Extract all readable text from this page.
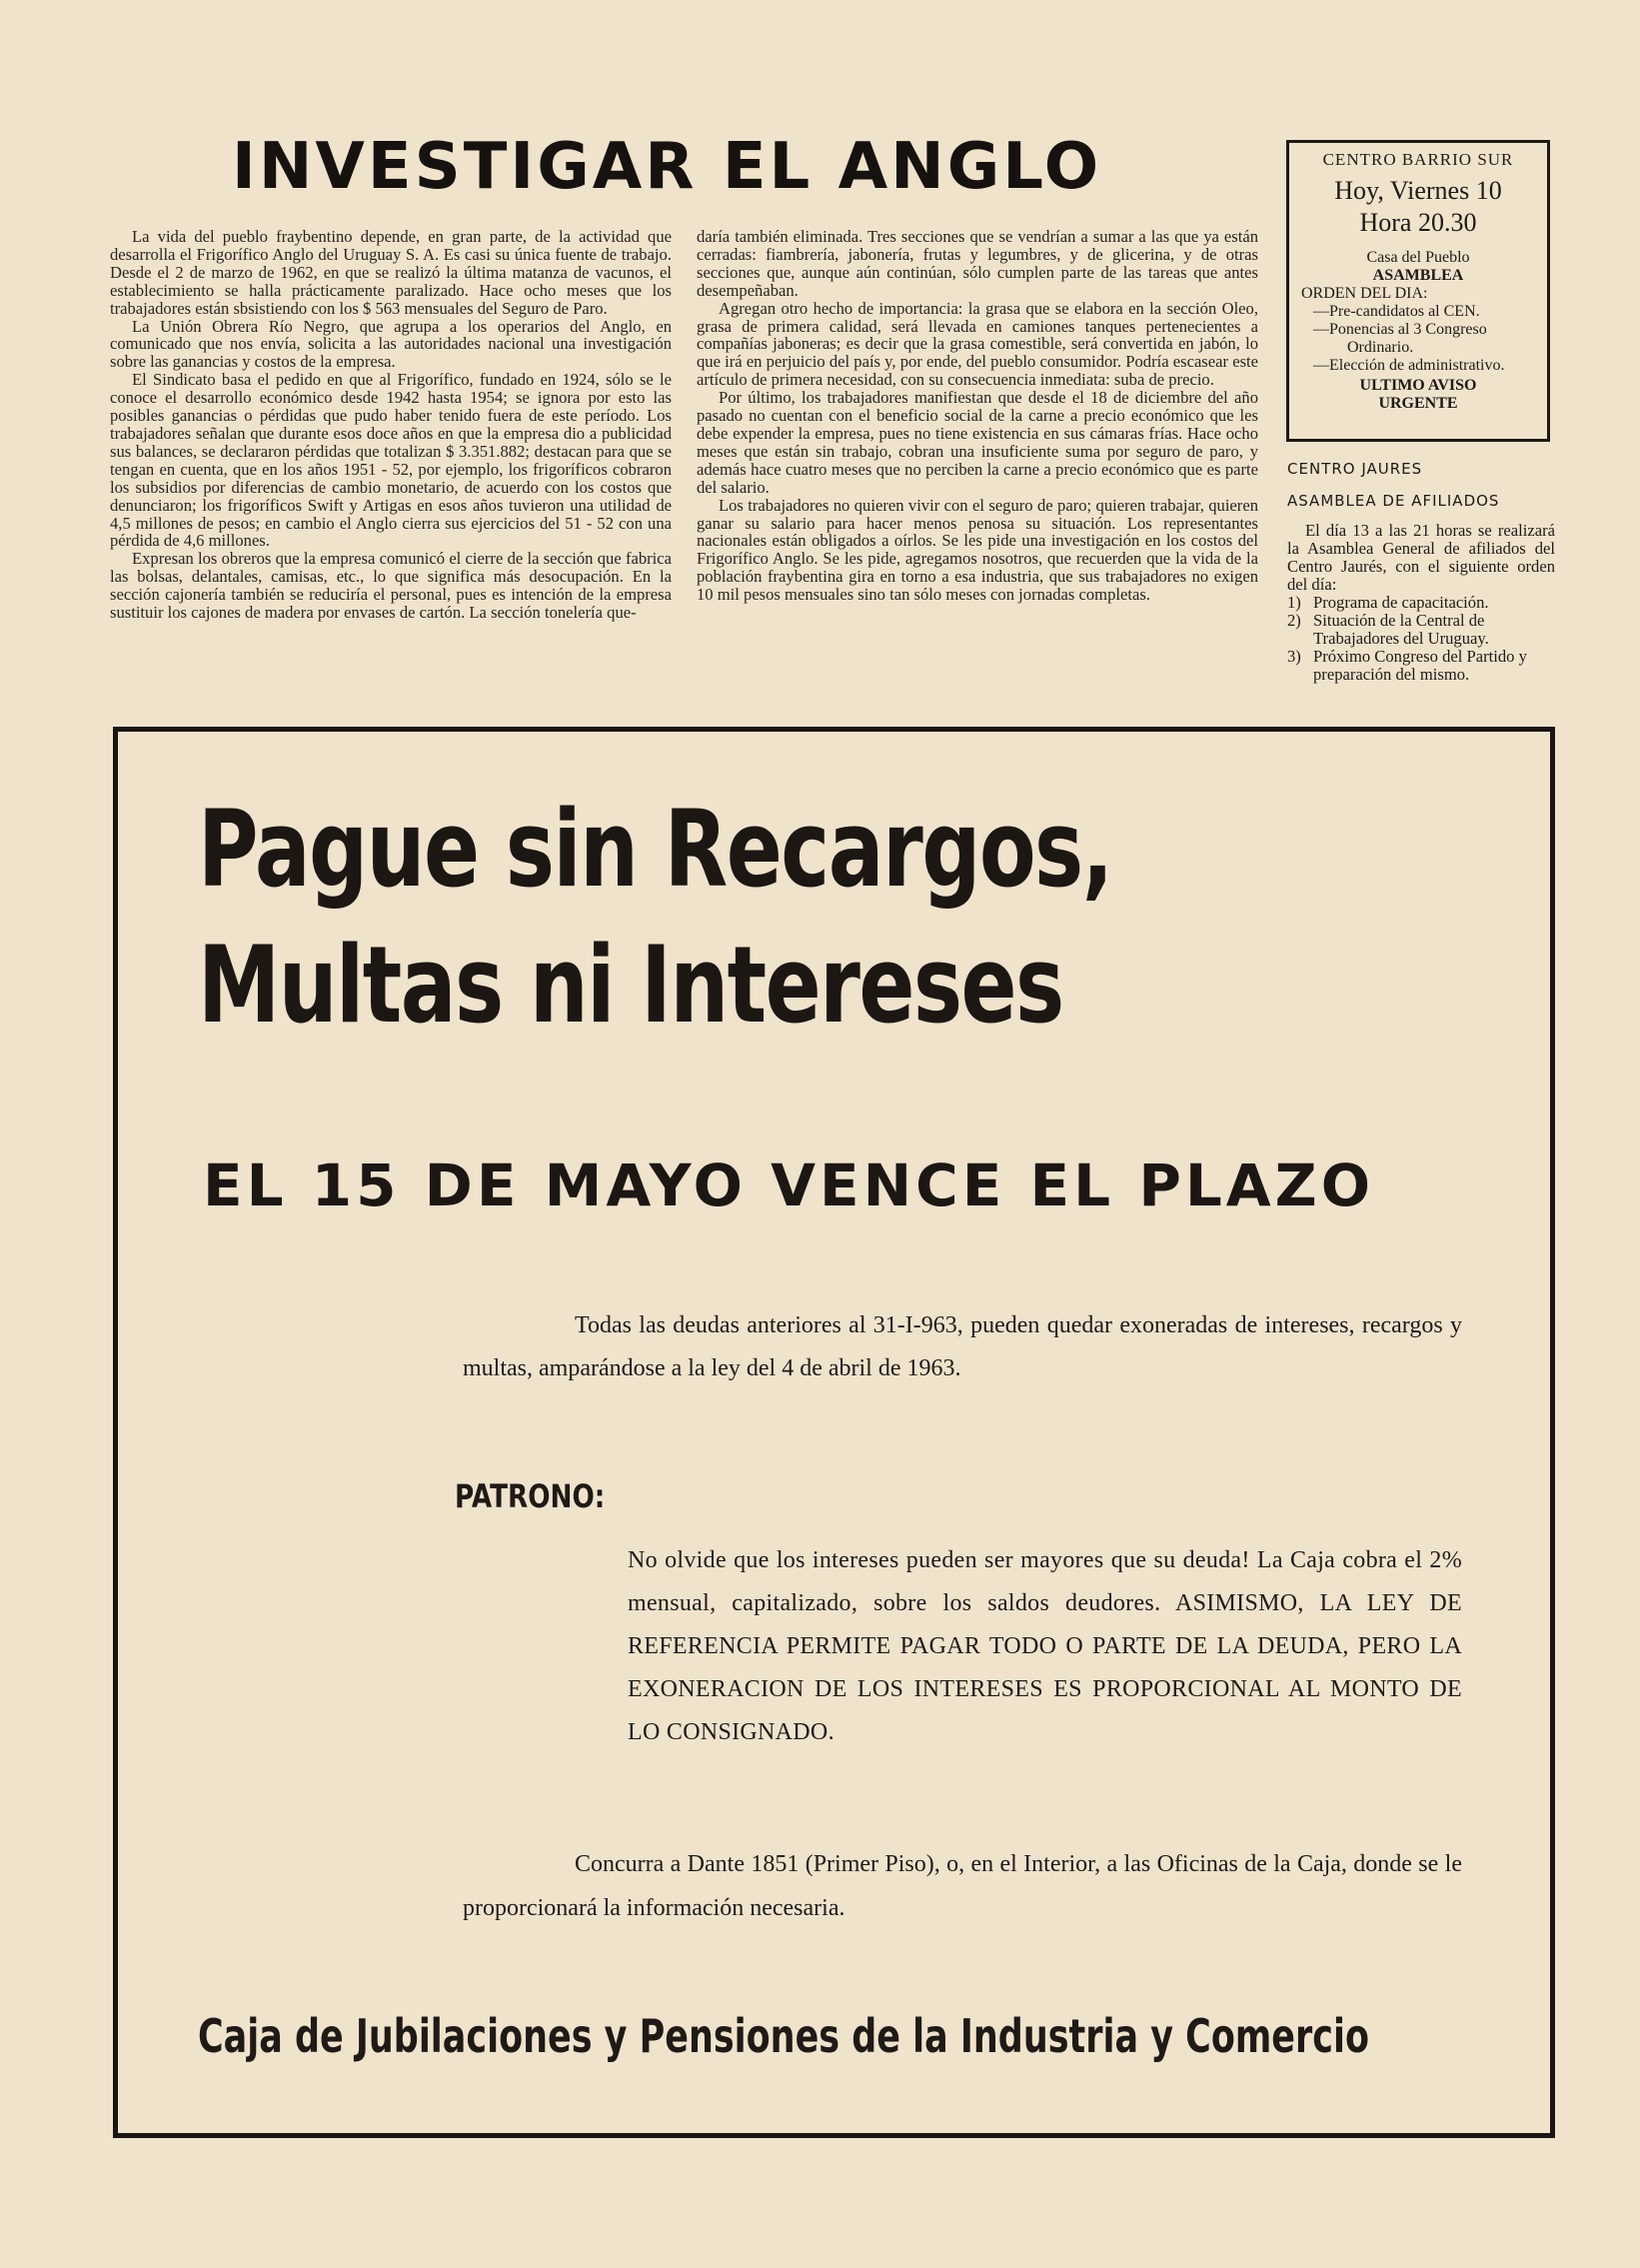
INVESTIGAR EL ANGLO

La vida del pueblo fraybentino depende, en gran parte, de la actividad que desarrolla el Frigorífico Anglo del Uruguay S. A. Es casi su única fuente de trabajo. Desde el 2 de marzo de 1962, en que se realizó la última matanza de vacunos, el establecimiento se halla prácticamente paralizado. Hace ocho meses que los trabajadores están sbsistiendo con los $ 563 mensuales del Seguro de Paro.

La Unión Obrera Río Negro, que agrupa a los operarios del Anglo, en comunicado que nos envía, solicita a las autoridades nacional una investigación sobre las ganancias y costos de la empresa.

El Sindicato basa el pedido en que al Frigorífico, fundado en 1924, sólo se le conoce el desarrollo económico desde 1942 hasta 1954; se ignora por esto las posibles ganancias o pérdidas que pudo haber tenido fuera de este período. Los trabajadores señalan que durante esos doce años en que la empresa dio a publicidad sus balances, se declararon pérdidas que totalizan $ 3.351.882; destacan para que se tengan en cuenta, que en los años 1951 - 52, por ejemplo, los frigoríficos cobraron los subsidios por diferencias de cambio monetario, de acuerdo con los costos que denunciaron; los frigoríficos Swift y Artigas en esos años tuvieron una utilidad de 4,5 millones de pesos; en cambio el Anglo cierra sus ejercicios del 51 - 52 con una pérdida de 4,6 millones.

Expresan los obreros que la empresa comunicó el cierre de la sección que fabrica las bolsas, delantales, camisas, etc., lo que significa más desocupación. En la sección cajonería también se reduciría el personal, pues es intención de la empresa sustituir los cajones de madera por envases de cartón. La sección tonelería que-

daría también eliminada. Tres secciones que se vendrían a sumar a las que ya están cerradas: fiambrería, jabonería, frutas y legumbres, y de glicerina, y de otras secciones que, aunque aún continúan, sólo cumplen parte de las tareas que antes desempeñaban.

Agregan otro hecho de importancia: la grasa que se elabora en la sección Oleo, grasa de primera calidad, será llevada en camiones tanques pertenecientes a compañías jaboneras; es decir que la grasa comestible, será convertida en jabón, lo que irá en perjuicio del país y, por ende, del pueblo consumidor. Podría escasear este artículo de primera necesidad, con su consecuencia inmediata: suba de precio.

Por último, los trabajadores manifiestan que desde el 18 de diciembre del año pasado no cuentan con el beneficio social de la carne a precio económico que les debe expender la empresa, pues no tiene existencia en sus cámaras frías. Hace ocho meses que están sin trabajo, cobran una insuficiente suma por seguro de paro, y además hace cuatro meses que no perciben la carne a precio económico que es parte del salario.

Los trabajadores no quieren vivir con el seguro de paro; quieren trabajar, quieren ganar su salario para hacer menos penosa su situación. Los representantes nacionales están obligados a oírlos. Se les pide una investigación en los costos del Frigorífico Anglo. Se les pide, agregamos nosotros, que recuerden que la vida de la población fraybentina gira en torno a esa industria, que sus trabajadores no exigen 10 mil pesos mensuales sino tan sólo meses con jornadas completas.

CENTRO BARRIO SUR
Hoy, Viernes 10
Hora 20.30
Casa del Pueblo
ASAMBLEA
ORDEN DEL DIA:
—Pre-candidatos al CEN.
—Ponencias al 3 Congreso
Ordinario.
—Elección de administrativo.
ULTIMO AVISO
URGENTE
CENTRO JAURES
ASAMBLEA DE AFILIADOS

El día 13 a las 21 horas se realizará la Asamblea General de afiliados del Centro Jaurés, con el siguiente orden del día:

1) Programa de capacitación.
2) Situación de la Central de Trabajadores del Uruguay.
3) Próximo Congreso del Partido y preparación del mismo.
Pague sin Recargos,
Multas ni Intereses
EL 15 DE MAYO VENCE EL PLAZO
Todas las deudas anteriores al 31-I-963, pueden quedar exoneradas de intereses, recargos y multas, amparándose a la ley del 4 de abril de 1963.
PATRONO:
No olvide que los intereses pueden ser mayores que su deuda! La Caja cobra el 2% mensual, capitalizado, sobre los saldos deudores. ASIMISMO, LA LEY DE REFERENCIA PERMITE PAGAR TODO O PARTE DE LA DEUDA, PERO LA EXONERACION DE LOS INTERESES ES PROPORCIONAL AL MONTO DE LO CONSIGNADO.
Concurra a Dante 1851 (Primer Piso), o, en el Interior, a las Oficinas de la Caja, donde se le proporcionará la información necesaria.
Caja de Jubilaciones y Pensiones de la Industria y Comercio
